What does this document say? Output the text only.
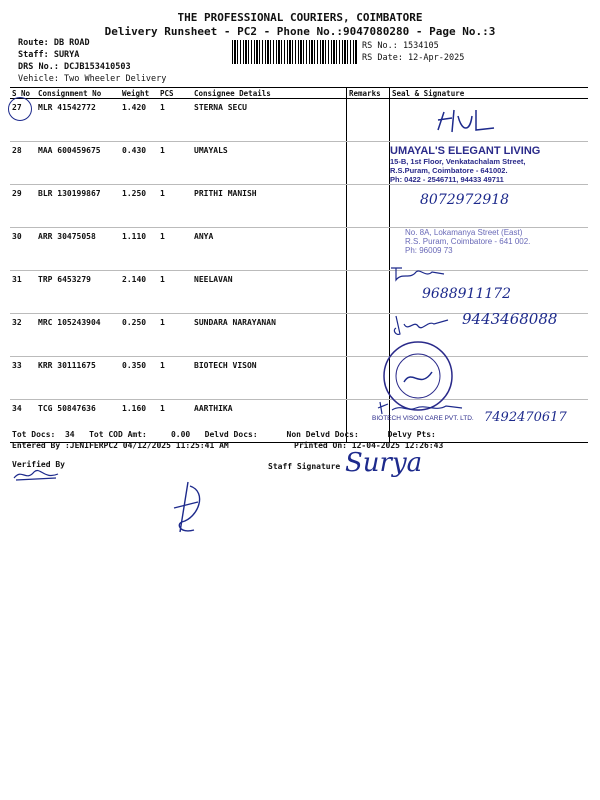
THE PROFESSIONAL COURIERS, COIMBATORE
Delivery Runsheet - PC2 - Phone No.:9047080280 - Page No.:3
Route: DB ROAD
Staff: SURYA
DRS No.: DCJB153410503
Vehicle: Two Wheeler Delivery
RS No.: 1534105
RS Date: 12-Apr-2025
S No	Consignment No	Weight	PCS	Consignee Details	Remarks	Seal & Signature
27	MLR 41542772	1.420	1	STERNA SECU		
28	MAA 600459675	0.430	1	UMAYALS		
29	BLR 130199867	1.250	1	PRITHI MANISH		
30	ARR 30475058	1.110	1	ANYA		
31	TRP 6453279	2.140	1	NEELAVAN		
32	MRC 105243904	0.250	1	SUNDARA NARAYANAN		
33	KRR 30111675	0.350	1	BIOTECH VISON		
34	TCG 50847636	1.160	1	AARTHIKA		
UMAYAL'S ELEGANT LIVING
15-B, 1st Floor, Venkatachalam Street,
R.S.Puram, Coimbatore - 641002.
Ph: 0422 - 2546711, 94433 49711
8072972918
No. 8A, Lokamanya Street (East)
R.S. Puram, Coimbatore - 641 002.
Ph: 96009 73
9688911172
9443468088
BIOTECH VISON CARE PVT. LTD. 7492470617
Tot Docs:  34   Tot COD Amt:     0.00   Delvd Docs:      Non Delvd Docs:      Delvy Pts:
Entered By :JENIFERPC2 04/12/2025 11:25:41 AM	Printed On: 12-04-2025 12:26:43
Verified By	Staff Signature Surya
